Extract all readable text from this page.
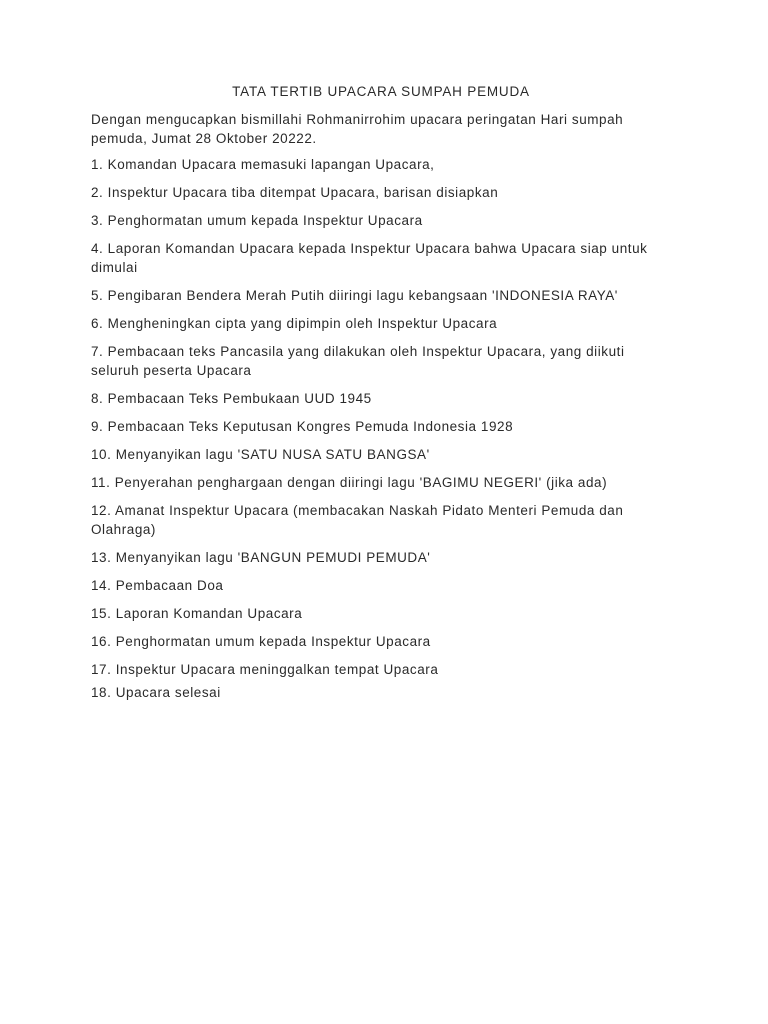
TATA TERTIB UPACARA SUMPAH PEMUDA
Dengan mengucapkan bismillahi Rohmanirrohim upacara peringatan Hari sumpah pemuda, Jumat 28 Oktober 20222.
1. Komandan Upacara memasuki lapangan Upacara,
2. Inspektur Upacara tiba ditempat Upacara, barisan disiapkan
3. Penghormatan umum kepada Inspektur Upacara
4. Laporan Komandan Upacara kepada Inspektur Upacara bahwa Upacara siap untuk dimulai
5. Pengibaran Bendera Merah Putih diiringi lagu kebangsaan 'INDONESIA RAYA'
6. Mengheningkan cipta yang dipimpin oleh Inspektur Upacara
7. Pembacaan teks Pancasila yang dilakukan oleh Inspektur Upacara, yang diikuti seluruh peserta Upacara
8. Pembacaan Teks Pembukaan UUD 1945
9. Pembacaan Teks Keputusan Kongres Pemuda Indonesia 1928
10. Menyanyikan lagu 'SATU NUSA SATU BANGSA'
11. Penyerahan penghargaan dengan diiringi lagu 'BAGIMU NEGERI' (jika ada)
12. Amanat Inspektur Upacara (membacakan Naskah Pidato Menteri Pemuda dan Olahraga)
13. Menyanyikan lagu 'BANGUN PEMUDI PEMUDA'
14. Pembacaan Doa
15. Laporan Komandan Upacara
16. Penghormatan umum kepada Inspektur Upacara
17. Inspektur Upacara meninggalkan tempat Upacara
18. Upacara selesai
